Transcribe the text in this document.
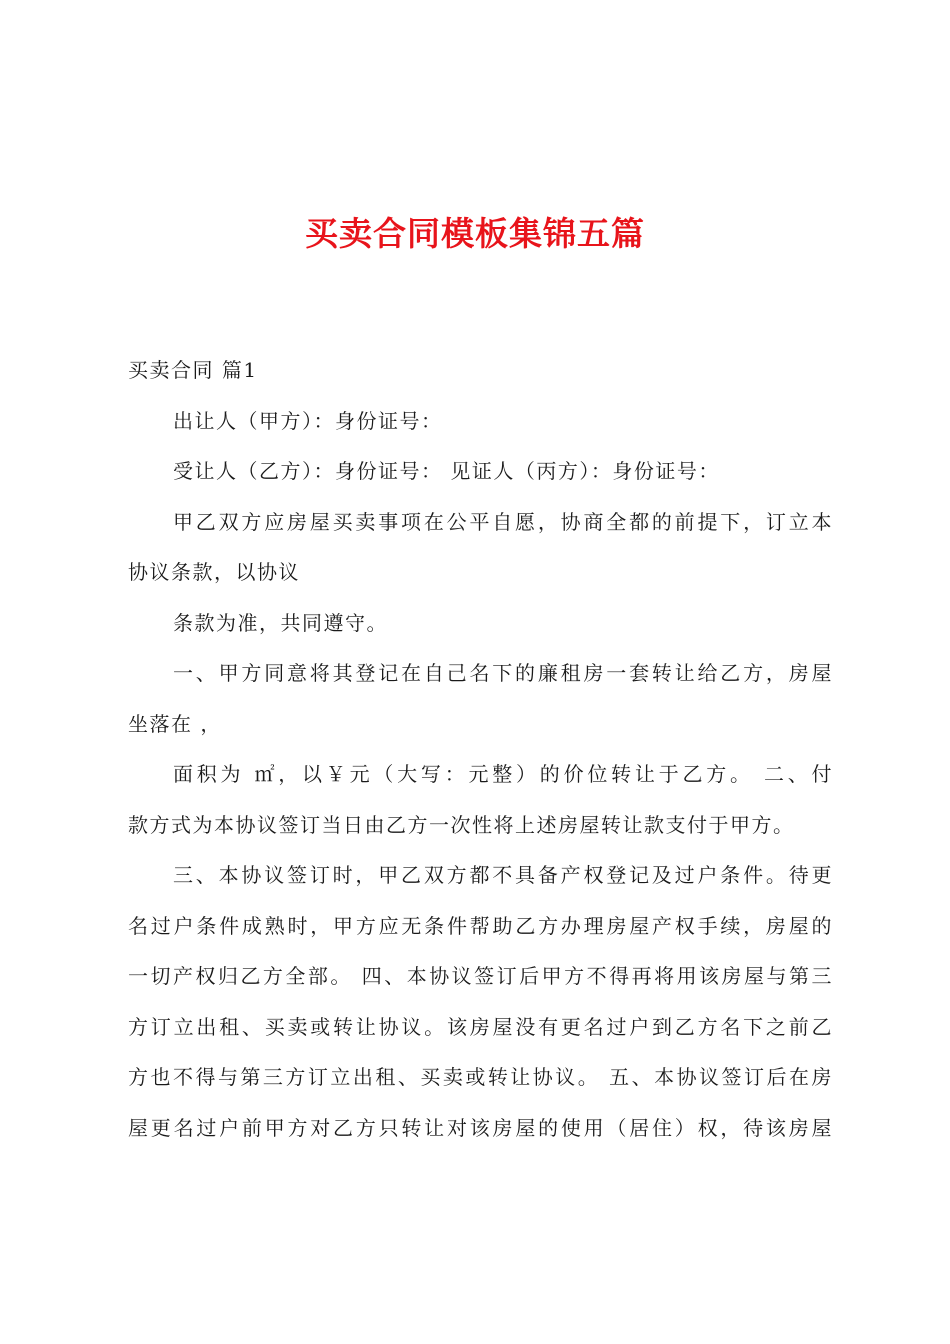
买卖合同模板集锦五篇
买卖合同 篇1
出让人（甲方）：身份证号：
受让人（乙方）：身份证号： 见证人（丙方）：身份证号：
甲乙双方应房屋买卖事项在公平自愿，协商全都的前提下，订立本
协议条款，以协议
条款为准，共同遵守。
一、甲方同意将其登记在自己名下的廉租房一套转让给乙方，房屋
坐落在 ，
面积为 ㎡，以￥元（大写：元整）的价位转让于乙方。 二、付
款方式为本协议签订当日由乙方一次性将上述房屋转让款支付于甲方。
三、本协议签订时，甲乙双方都不具备产权登记及过户条件。待更
名过户条件成熟时，甲方应无条件帮助乙方办理房屋产权手续，房屋的
一切产权归乙方全部。 四、本协议签订后甲方不得再将用该房屋与第三
方订立出租、买卖或转让协议。该房屋没有更名过户到乙方名下之前乙
方也不得与第三方订立出租、买卖或转让协议。 五、本协议签订后在房
屋更名过户前甲方对乙方只转让对该房屋的使用（居住）权，待该房屋
